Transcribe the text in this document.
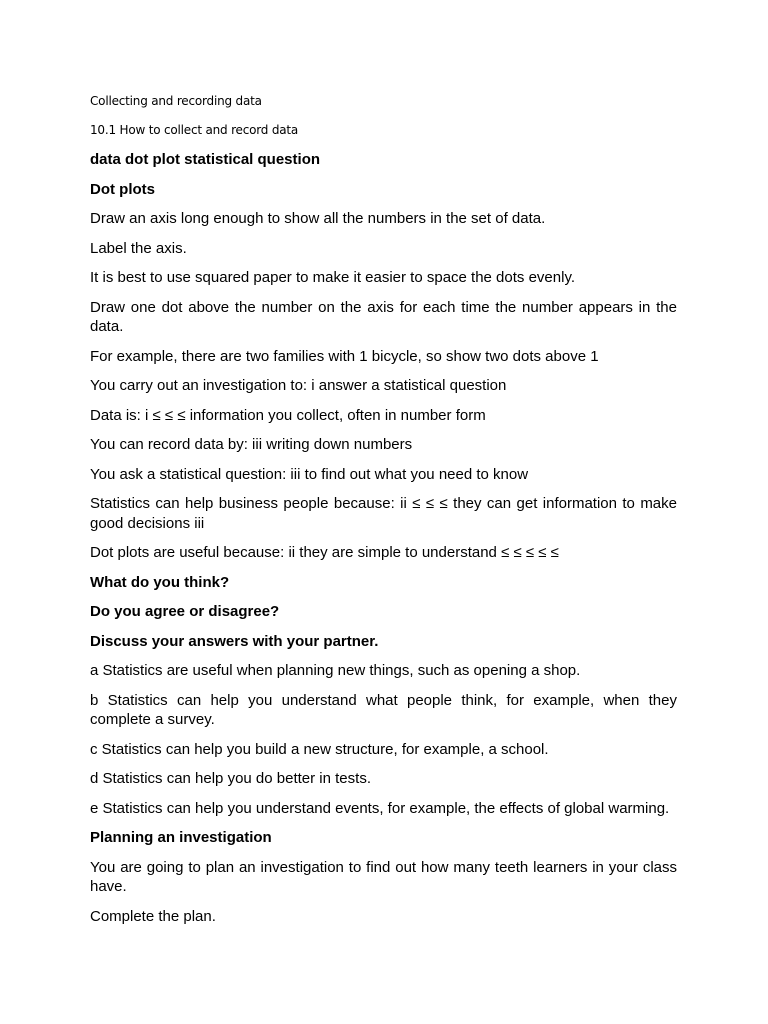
Collecting and recording data
10.1 How to collect and record data
data dot plot statistical question
Dot plots
Draw an axis long enough to show all the numbers in the set of data.
Label the axis.
It is best to use squared paper to make it easier to space the dots evenly.
Draw one dot above the number on the axis for each time the number appears in the data.
For example, there are two families with 1 bicycle, so show two dots above 1
You carry out an investigation to: i answer a statistical question
Data is: i ≤ ≤ ≤ information you collect, often in number form
You can record data by: iii writing down numbers
You ask a statistical question: iii to find out what you need to know
Statistics can help business people because: ii ≤ ≤ ≤ they can get information to make good decisions iii
Dot plots are useful because: ii they are simple to understand ≤ ≤ ≤ ≤ ≤
What do you think?
Do you agree or disagree?
Discuss your answers with your partner.
a Statistics are useful when planning new things, such as opening a shop.
b Statistics can help you understand what people think, for example, when they complete a survey.
c Statistics can help you build a new structure, for example, a school.
d Statistics can help you do better in tests.
e Statistics can help you understand events, for example, the effects of global warming.
Planning an investigation
You are going to plan an investigation to find out how many teeth learners in your class have.
Complete the plan.
